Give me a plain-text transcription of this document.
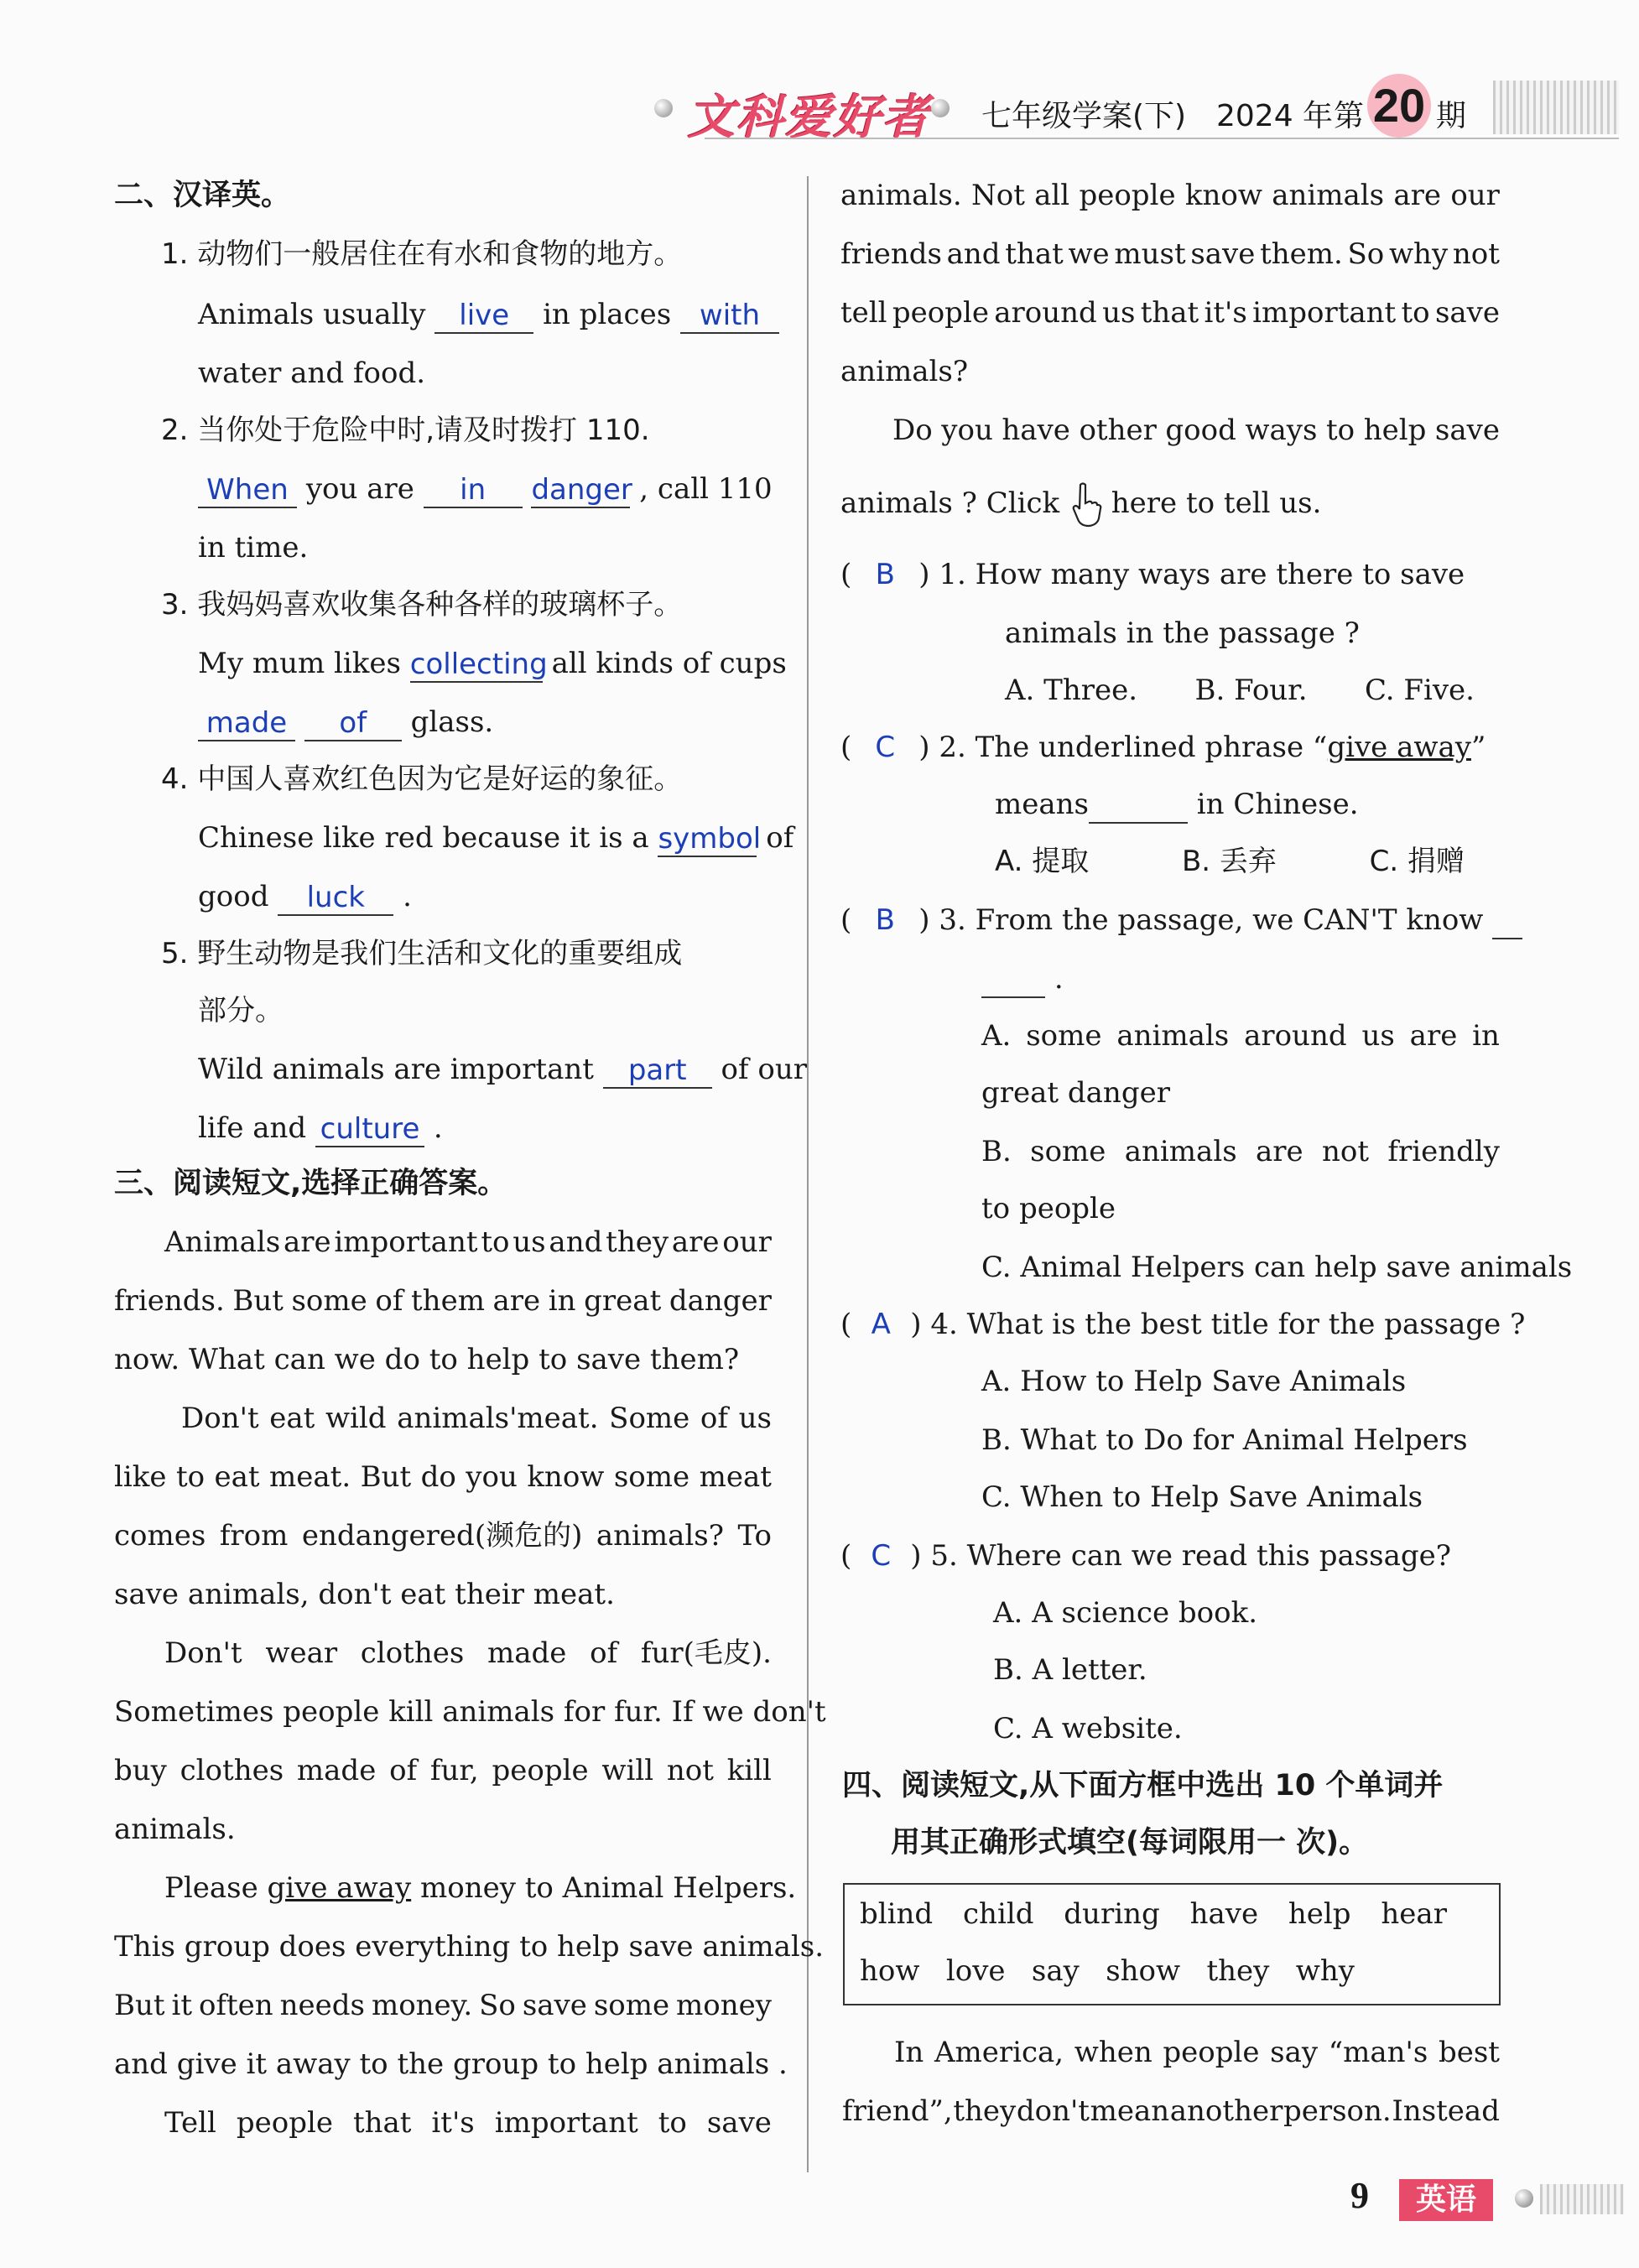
文科爱好者 七年级学案(下) 2024 年 第 20 期
二、汉译英。
1. 动物们一般居住在有水和食物的地方。
Animals usually live in places with
water and food.
2. 当你处于危险中时,请及时拨打 110.
When you are in danger , call 110
in time.
3. 我妈妈喜欢收集各种各样的玻璃杯子。
My mum likes collecting all kinds of cups
made of glass.
4. 中国人喜欢红色因为它是好运的象征。
Chinese like red because it is a symbol of
good luck .
5. 野生动物是我们生活和文化的重要组成
部分。
Wild animals are important part of our
life and culture .
三、阅读短文,选择正确答案。
Animals are important to us and they are our
friends. But some of them are in great danger
now. What can we do to help to save them?
Don't eat wild animals'meat. Some of us
like to eat meat. But do you know some meat
comes from endangered(濒危的) animals? To
save animals, don't eat their meat.
Don't wear clothes made of fur(毛皮).
Sometimes people kill animals for fur. If we don't
buy clothes made of fur, people will not kill
animals.
Please give away money to Animal Helpers.
This group does everything to help save animals.
But it often needs money. So save some money
and give it away to the group to help animals .
Tell people that it's important to save
animals. Not all people know animals are our
friends and that we must save them. So why not
tell people around us that it's important to save
animals?
Do you have other good ways to help save
animals ? Click here to tell us.
( B ) 1. How many ways are there to save
animals in the passage ?
A. Three. B. Four. C. Five.
( C ) 2. The underlined phrase “give away”
means	in Chinese.
A. 提取	B. 丢弃	C. 捐赠
( B ) 3. From the passage, we CAN'T know
.
A. some animals around us are in
great danger
B. some animals are not friendly
to people
C. Animal Helpers can help save animals
( A ) 4. What is the best title for the passage ?
A. How to Help Save Animals
B. What to Do for Animal Helpers
C. When to Help Save Animals
( C ) 5. Where can we read this passage?
A. A science book.
B. A letter.
C. A website.
四、阅读短文,从下面方框中选出 10 个单词并
用其正确形式填空(每词限用一 次)。
blind child during have help hear
how love say show they why
In America, when people say “man's best
friend”, they don't mean another person. Instead
9	英语
